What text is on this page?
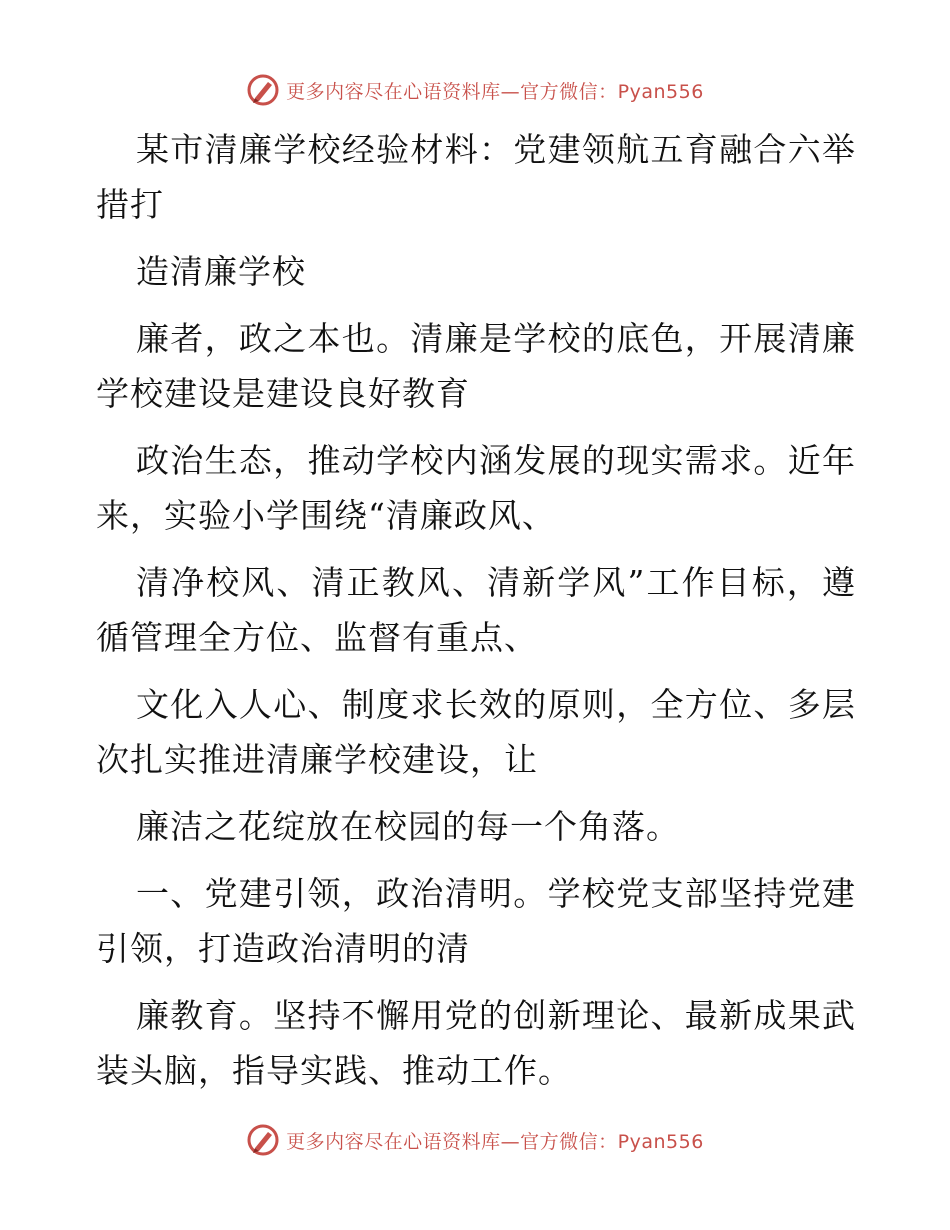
更多内容尽在心语资料库—官方微信：Pyan556

某市清廉学校经验材料：党建领航五育融合六举措打

造清廉学校

廉者，政之本也。清廉是学校的底色，开展清廉学校建设是建设良好教育

政治生态，推动学校内涵发展的现实需求。近年来，实验小学围绕“清廉政风、

清净校风、清正教风、清新学风”工作目标，遵循管理全方位、监督有重点、

文化入人心、制度求长效的原则，全方位、多层次扎实推进清廉学校建设，让

廉洁之花绽放在校园的每一个角落。

一、党建引领，政治清明。学校党支部坚持党建引领，打造政治清明的清

廉教育。坚持不懈用党的创新理论、最新成果武装头脑，指导实践、推动工作。

更多内容尽在心语资料库—官方微信：Pyan556
